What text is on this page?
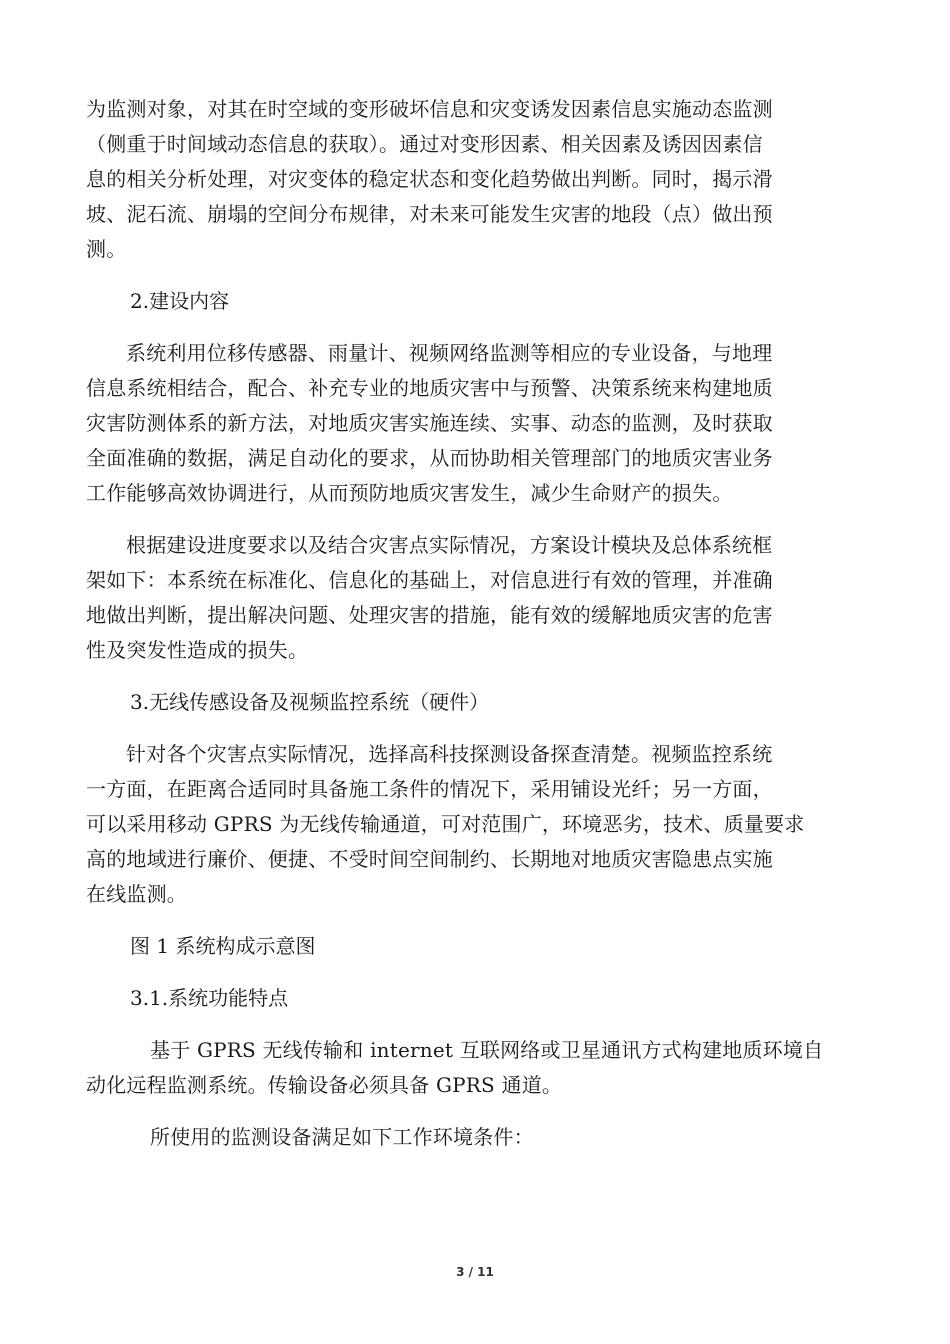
为监测对象，对其在时空域的变形破坏信息和灾变诱发因素信息实施动态监测
（侧重于时间域动态信息的获取）。通过对变形因素、相关因素及诱因因素信
息的相关分析处理，对灾变体的稳定状态和变化趋势做出判断。同时，揭示滑
坡、泥石流、崩塌的空间分布规律，对未来可能发生灾害的地段（点）做出预
测。

2.建设内容

系统利用位移传感器、雨量计、视频网络监测等相应的专业设备，与地理
信息系统相结合，配合、补充专业的地质灾害中与预警、决策系统来构建地质
灾害防测体系的新方法，对地质灾害实施连续、实事、动态的监测，及时获取
全面准确的数据，满足自动化的要求，从而协助相关管理部门的地质灾害业务
工作能够高效协调进行，从而预防地质灾害发生，减少生命财产的损失。

根据建设进度要求以及结合灾害点实际情况，方案设计模块及总体系统框
架如下：本系统在标准化、信息化的基础上，对信息进行有效的管理，并准确
地做出判断，提出解决问题、处理灾害的措施，能有效的缓解地质灾害的危害
性及突发性造成的损失。

3.无线传感设备及视频监控系统（硬件）

针对各个灾害点实际情况，选择高科技探测设备探查清楚。视频监控系统
一方面，在距离合适同时具备施工条件的情况下，采用铺设光纤；另一方面，
可以采用移动 GPRS 为无线传输通道，可对范围广，环境恶劣，技术、质量要求
高的地域进行廉价、便捷、不受时间空间制约、长期地对地质灾害隐患点实施
在线监测。

图 1 系统构成示意图

3.1.系统功能特点

基于 GPRS 无线传输和 internet 互联网络或卫星通讯方式构建地质环境自
动化远程监测系统。传输设备必须具备 GPRS 通道。

所使用的监测设备满足如下工作环境条件：

3 / 11
